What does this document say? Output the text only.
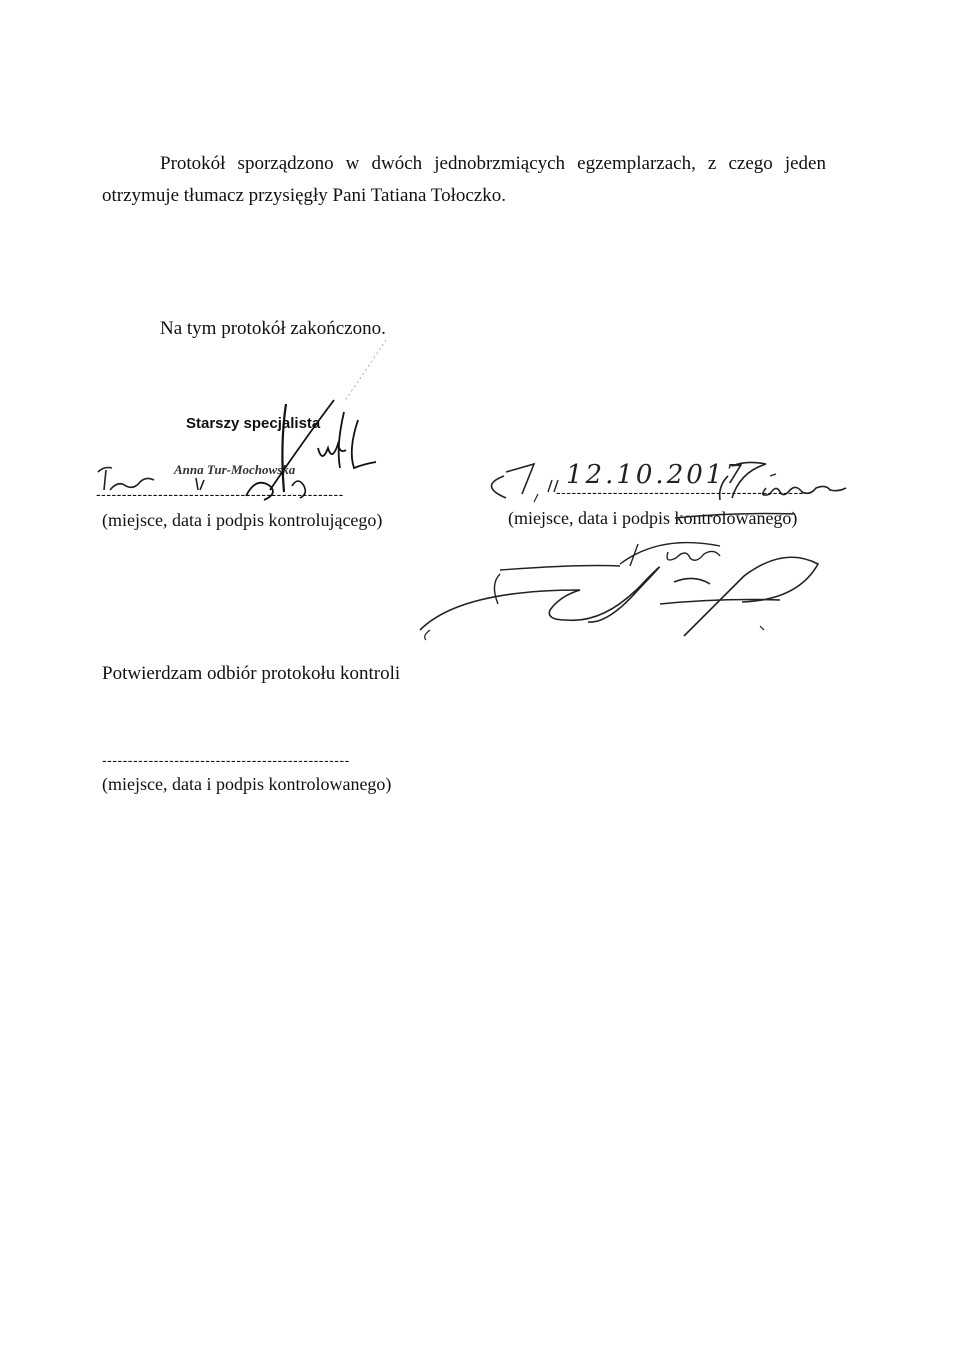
Protokół sporządzono w dwóch jednobrzmiących egzemplarzach, z czego jeden
otrzymuje tłumacz przysięgły Pani Tatiana Tołoczko.
Na tym protokół zakończono.
Starszy specjalista
Anna Tur-Mochowska
------------------------------------------------
(miejsce, data i podpis kontrolującego)
12.10.2017
------------------------------------------------
(miejsce, data i podpis kontrolowanego)
Potwierdzam odbiór protokołu kontroli
------------------------------------------------
(miejsce, data i podpis kontrolowanego)
